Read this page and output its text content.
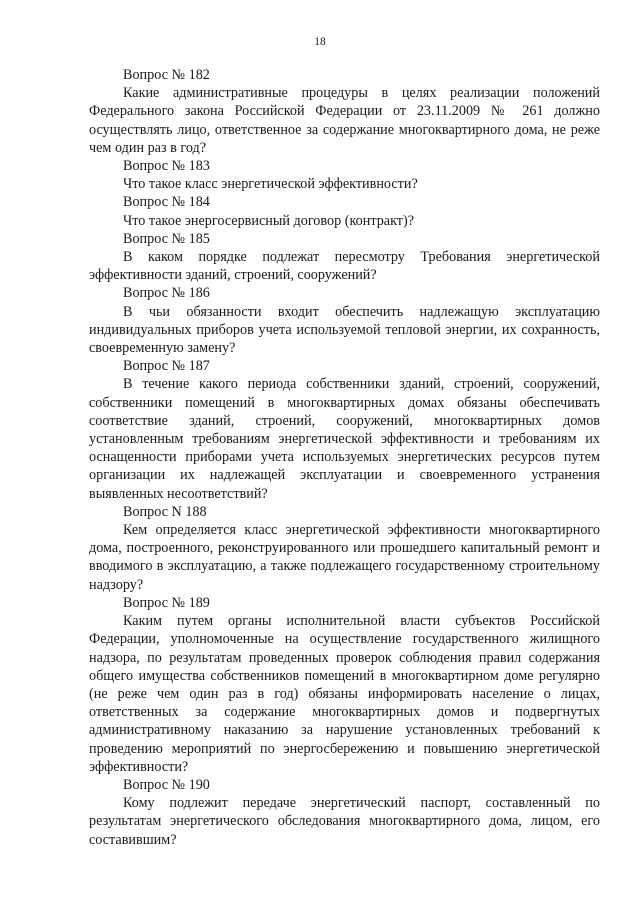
18

Вопрос № 182

Какие административные процедуры в целях реализации положений Федерального закона Российской Федерации от 23.11.2009 № 261 должно осуществлять лицо, ответственное за содержание многоквартирного дома, не реже чем один раз в год?

Вопрос № 183

Что такое класс энергетической эффективности?

Вопрос № 184

Что такое энергосервисный договор (контракт)?

Вопрос № 185

В каком порядке подлежат пересмотру Требования энергетической эффективности зданий, строений, сооружений?

Вопрос № 186

В чьи обязанности входит обеспечить надлежащую эксплуатацию индивидуальных приборов учета используемой тепловой энергии, их сохранность, своевременную замену?

Вопрос № 187

В течение какого периода собственники зданий, строений, сооружений, собственники помещений в многоквартирных домах обязаны обеспечивать соответствие зданий, строений, сооружений, многоквартирных домов установленным требованиям энергетической эффективности и требованиям их оснащенности приборами учета используемых энергетических ресурсов путем организации их надлежащей эксплуатации и своевременного устранения выявленных несоответствий?

Вопрос N 188

Кем определяется класс энергетической эффективности многоквартирного дома, построенного, реконструированного или прошедшего капитальный ремонт и вводимого в эксплуатацию, а также подлежащего государственному строительному надзору?

Вопрос № 189

Каким путем органы исполнительной власти субъектов Российской Федерации, уполномоченные на осуществление государственного жилищного надзора, по результатам проведенных проверок соблюдения правил содержания общего имущества собственников помещений в многоквартирном доме регулярно (не реже чем один раз в год) обязаны информировать население о лицах, ответственных за содержание многоквартирных домов и подвергнутых административному наказанию за нарушение установленных требований к проведению мероприятий по энергосбережению и повышению энергетической эффективности?

Вопрос № 190

Кому подлежит передаче энергетический паспорт, составленный по результатам энергетического обследования многоквартирного дома, лицом, его составившим?
